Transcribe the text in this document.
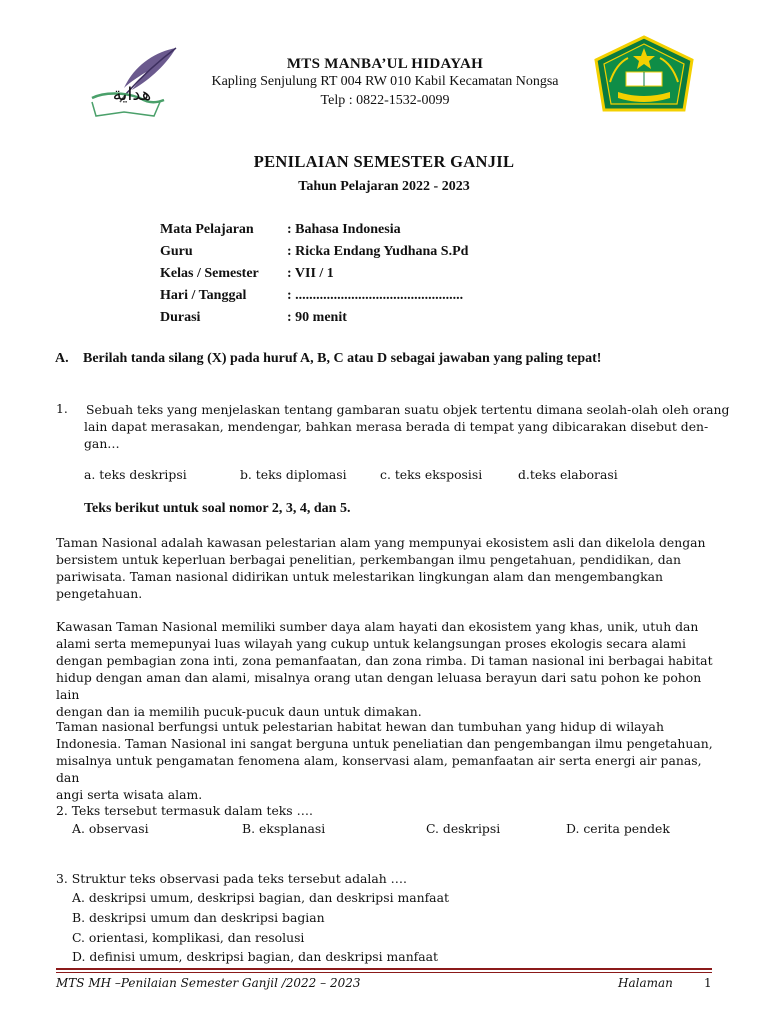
هداية
MTS MANBA’UL HIDAYAH
Kapling Senjulung RT 004 RW 010 Kabil Kecamatan Nongsa
Telp : 0822-1532-0099
PENILAIAN SEMESTER GANJIL
Tahun Pelajaran 2022 - 2023
Mata Pelajaran : Bahasa Indonesia
Guru	: Ricka Endang Yudhana S.Pd
Kelas / Semester : VII / 1
Hari / Tanggal	: ................................................
Durasi	: 90 menit
A. Berilah tanda silang (X) pada huruf A, B, C atau D sebagai jawaban yang paling tepat!
1. Sebuah teks yang menjelaskan tentang gambaran suatu objek tertentu dimana seolah-olah oleh orang
lain dapat merasakan, mendengar, bahkan merasa berada di tempat yang dibicarakan disebut den-
gan…
a. teks deskripsi	b. teks diplomasi	c. teks eksposisi	d.teks elaborasi
Teks berikut untuk soal nomor 2, 3, 4, dan 5.
Taman Nasional adalah kawasan pelestarian alam yang mempunyai ekosistem asli dan dikelola dengan
bersistem untuk keperluan berbagai penelitian, perkembangan ilmu pengetahuan, pendidikan, dan
pariwisata. Taman nasional didirikan untuk melestarikan lingkungan alam dan mengembangkan
pengetahuan.
Kawasan Taman Nasional memiliki sumber daya alam hayati dan ekosistem yang khas, unik, utuh dan
alami serta memepunyai luas wilayah yang cukup untuk kelangsungan proses ekologis secara alami
dengan pembagian zona inti, zona pemanfaatan, dan zona rimba. Di taman nasional ini berbagai habitat
hidup dengan aman dan alami, misalnya orang utan dengan leluasa berayun dari satu pohon ke pohon lain
dengan dan ia memilih pucuk-pucuk daun untuk dimakan.
Taman nasional berfungsi untuk pelestarian habitat hewan dan tumbuhan yang hidup di wilayah
Indonesia. Taman Nasional ini sangat berguna untuk peneliatian dan pengembangan ilmu pengetahuan,
misalnya untuk pengamatan fenomena alam, konservasi alam, pemanfaatan air serta energi air panas, dan
angi serta wisata alam.
2. Teks tersebut termasuk dalam teks ….
A. observasi	B. eksplanasi	C. deskripsi	D. cerita pendek
3. Struktur teks observasi pada teks tersebut adalah ….
A. deskripsi umum, deskripsi bagian, dan deskripsi manfaat
B. deskripsi umum dan deskripsi bagian
C. orientasi, komplikasi, dan resolusi
D. definisi umum, deskripsi bagian, dan deskripsi manfaat
MTS MH –Penilaian Semester Ganjil /2022 – 2023	Halaman	1
